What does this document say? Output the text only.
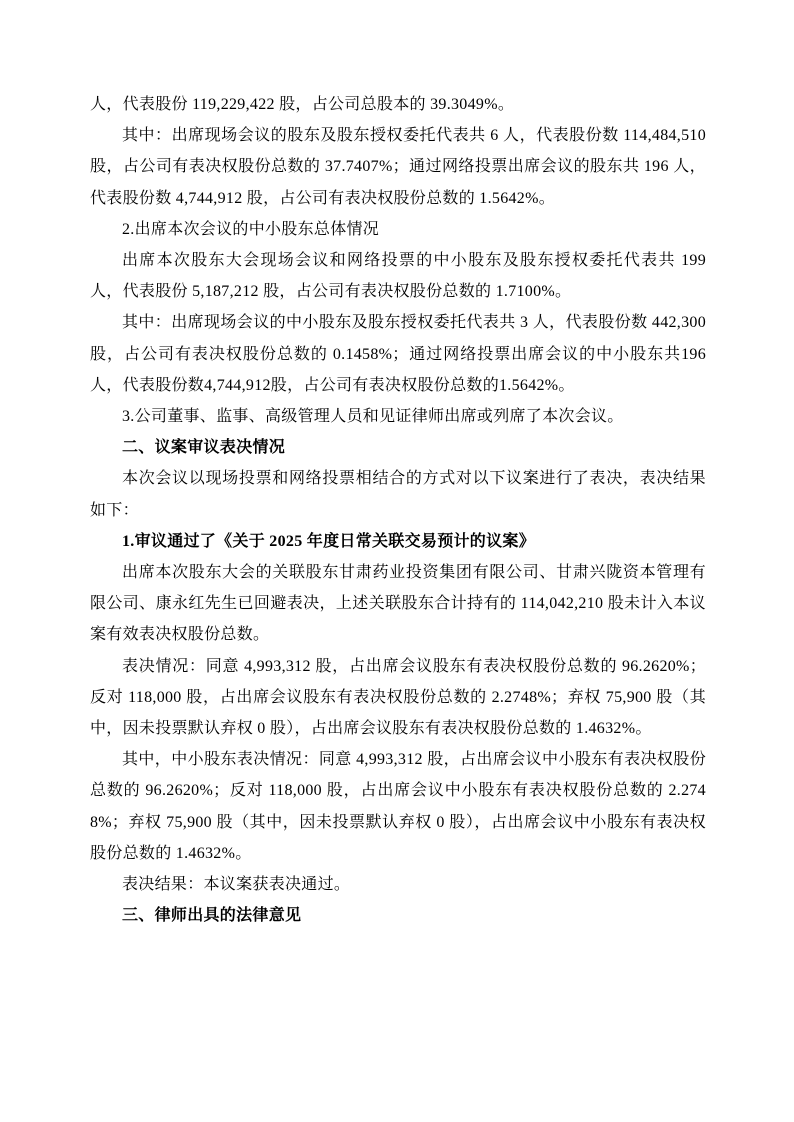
人，代表股份 119,229,422 股，占公司总股本的 39.3049%。

其中：出席现场会议的股东及股东授权委托代表共 6 人，代表股份数 114,484,510 股，占公司有表决权股份总数的 37.7407%；通过网络投票出席会议的股东共 196 人，代表股份数 4,744,912 股，占公司有表决权股份总数的 1.5642%。

2.出席本次会议的中小股东总体情况

出席本次股东大会现场会议和网络投票的中小股东及股东授权委托代表共 199 人，代表股份 5,187,212 股，占公司有表决权股份总数的 1.7100%。

其中：出席现场会议的中小股东及股东授权委托代表共 3 人，代表股份数 442,300 股，占公司有表决权股份总数的 0.1458%；通过网络投票出席会议的中小股东共196人，代表股份数4,744,912股，占公司有表决权股份总数的1.5642%。

3.公司董事、监事、高级管理人员和见证律师出席或列席了本次会议。

二、议案审议表决情况

本次会议以现场投票和网络投票相结合的方式对以下议案进行了表决，表决结果如下：

1.审议通过了《关于 2025 年度日常关联交易预计的议案》

出席本次股东大会的关联股东甘肃药业投资集团有限公司、甘肃兴陇资本管理有限公司、康永红先生已回避表决，上述关联股东合计持有的 114,042,210 股未计入本议案有效表决权股份总数。

表决情况：同意 4,993,312 股，占出席会议股东有表决权股份总数的 96.2620%；反对 118,000 股，占出席会议股东有表决权股份总数的 2.2748%；弃权 75,900 股（其中，因未投票默认弃权 0 股），占出席会议股东有表决权股份总数的 1.4632%。

其中，中小股东表决情况：同意 4,993,312 股，占出席会议中小股东有表决权股份总数的 96.2620%；反对 118,000 股，占出席会议中小股东有表决权股份总数的 2.2748%；弃权 75,900 股（其中，因未投票默认弃权 0 股），占出席会议中小股东有表决权股份总数的 1.4632%。

表决结果：本议案获表决通过。

三、律师出具的法律意见
